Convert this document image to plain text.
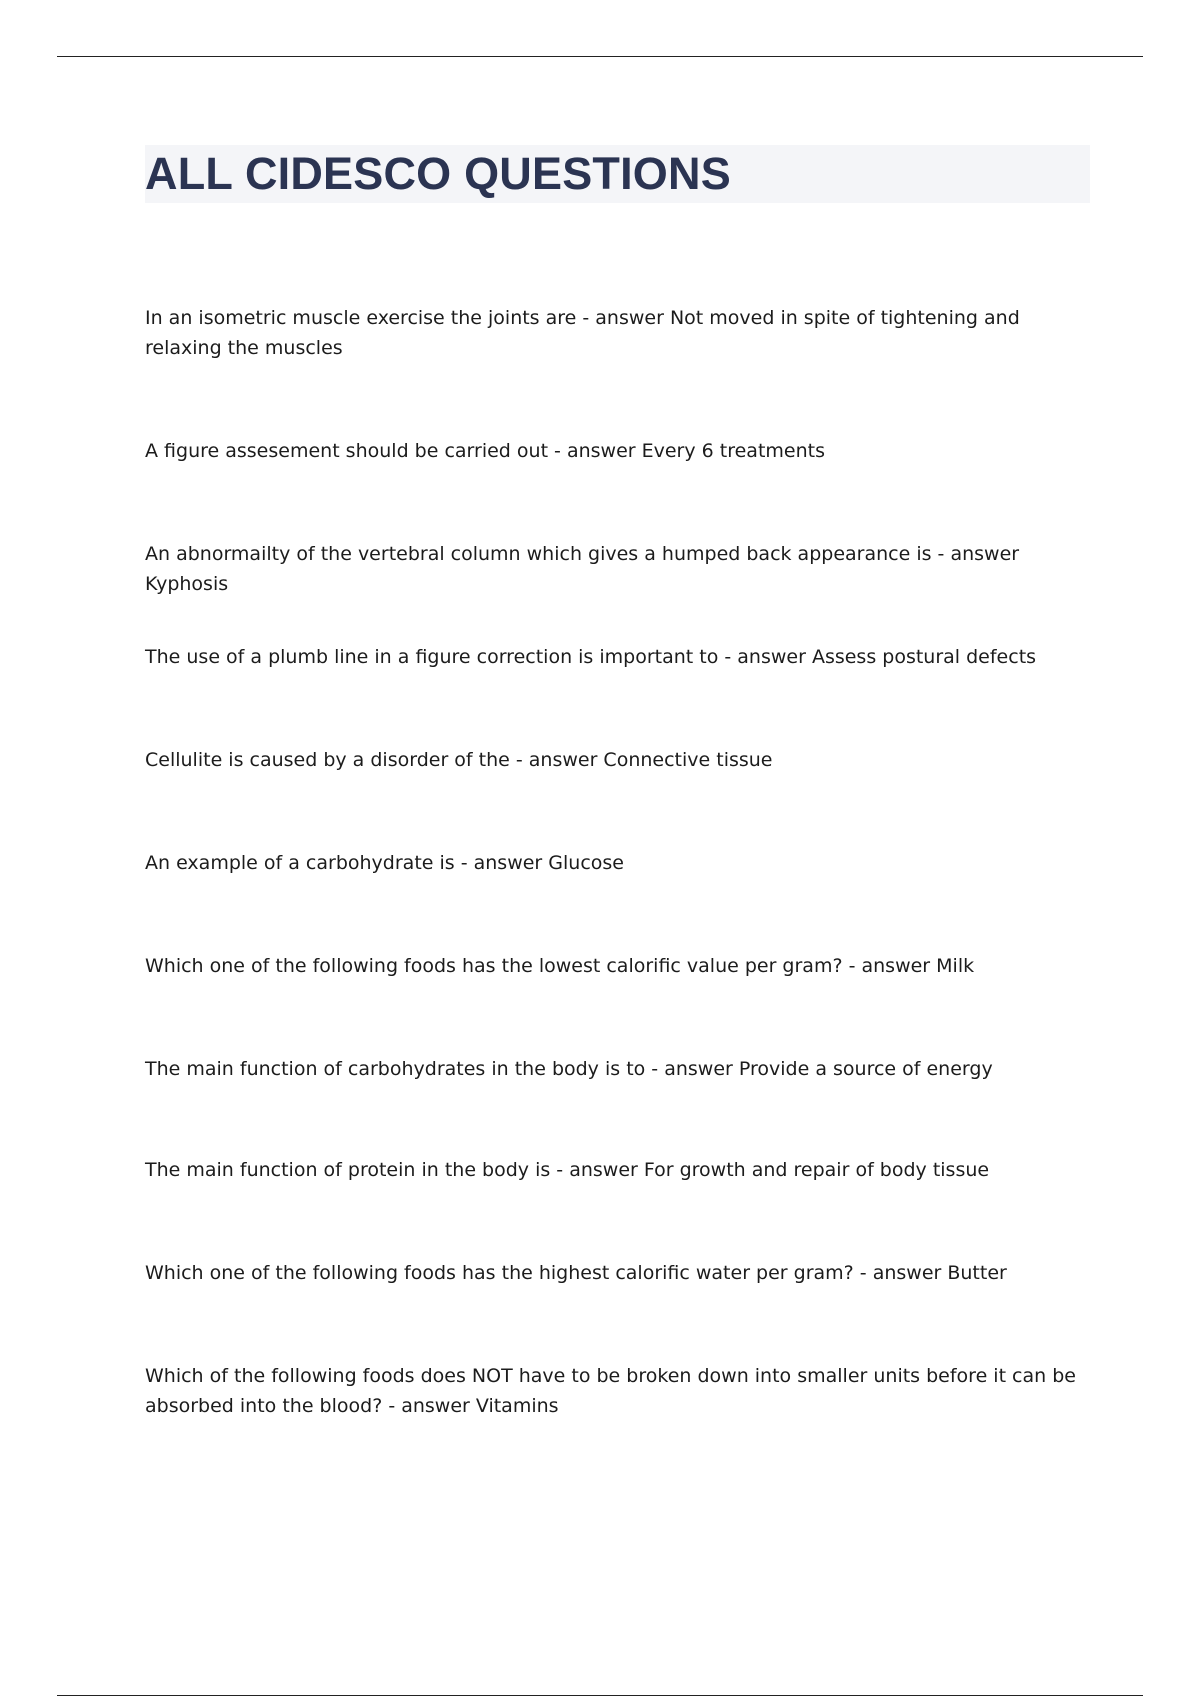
ALL CIDESCO QUESTIONS
In an isometric muscle exercise the joints are - answer Not moved in spite of tightening and relaxing the muscles
A figure assesement should be carried out - answer Every 6 treatments
An abnormailty of the vertebral column which gives a humped back appearance is - answer Kyphosis
The use of a plumb line in a figure correction is important to - answer Assess postural defects
Cellulite is caused by a disorder of the - answer Connective tissue
An example of a carbohydrate is - answer Glucose
Which one of the following foods has the lowest calorific value per gram? - answer Milk
The main function of carbohydrates in the body is to - answer Provide a source of energy
The main function of protein in the body is - answer For growth and repair of body tissue
Which one of the following foods has the highest calorific water per gram? - answer Butter
Which of the following foods does NOT have to be broken down into smaller units before it can be absorbed into the blood? - answer Vitamins
